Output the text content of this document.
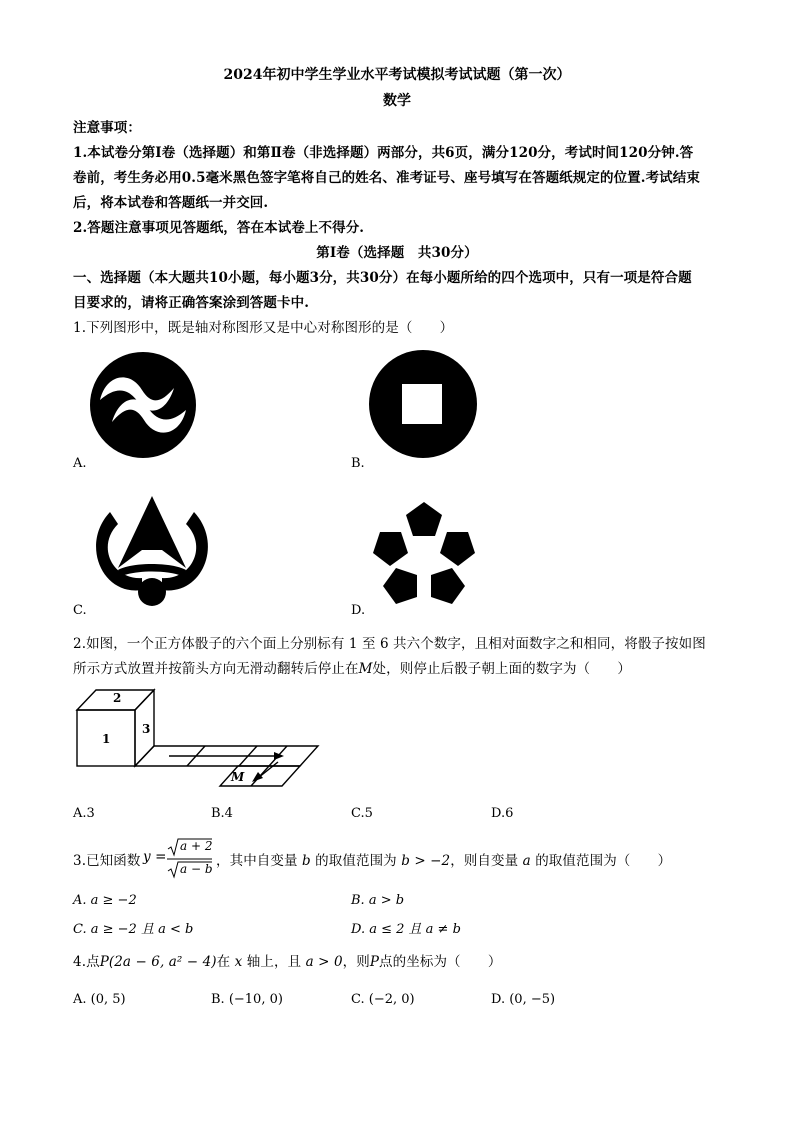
2024年初中学生学业水平考试模拟考试试题（第一次）
数学
注意事项：
1.本试卷分第Ⅰ卷（选择题）和第Ⅱ卷（非选择题）两部分，共6页，满分120分，考试时间120分钟.答
卷前，考生务必用0.5毫米黑色签字笔将自己的姓名、准考证号、座号填写在答题纸规定的位置.考试结束
后，将本试卷和答题纸一并交回.
2.答题注意事项见答题纸，答在本试卷上不得分.
第Ⅰ卷（选择题　共30分）
一、选择题（本大题共10小题，每小题3分，共30分）在每小题所给的四个选项中，只有一项是符合题
目要求的，请将正确答案涂到答题卡中.
1.下列图形中，既是轴对称图形又是中心对称图形的是（　　）
A.	B.
C.	D.
2.如图，一个正方体骰子的六个面上分别标有 1 至 6 共六个数字，且相对面数字之和相同，将骰子按如图
所示方式放置并按箭头方向无滑动翻转后停止在M处，则停止后骰子朝上面的数字为（　　）
2
1
3
M
A.3	B.4	C.5	D.6
3.已知函数 y =
a + 2
a − b ，其中自变量 b 的取值范围为 b > −2，则自变量 a 的取值范围为（　　）
A. a ≥ −2	B. a > b
C. a ≥ −2 且 a < b	D. a ≤ 2 且 a ≠ b
4.点P(2a − 6, a² − 4)在 x 轴上，且 a > 0，则P点的坐标为（　　）
A. (0, 5)	B. (−10, 0)	C. (−2, 0)	D. (0, −5)
